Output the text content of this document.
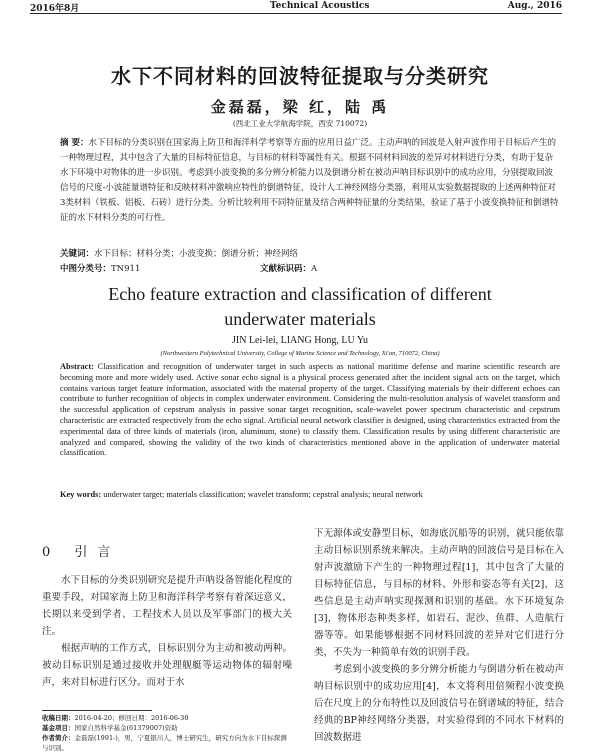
2016年8月	Technical Acoustics	Aug., 2016
水下不同材料的回波特征提取与分类研究
金磊磊，梁 红，陆 禹
(西北工业大学航海学院，西安 710072)
摘 要：水下目标的分类识别在国家海上防卫和海洋科学考察等方面的应用日益广泛。主动声呐的回波是入射声波作用于目标后产生的一种物理过程，其中包含了大量的目标特征信息，与目标的材料等属性有关。根据不同材料回波的差异对材料进行分类，有助于复杂水下环境中对物体的进一步识别。考虑到小波变换的多分辨分析能力以及倒谱分析在被动声呐目标识别中的成功应用，分别提取回波信号的尺度-小波能量谱特征和反映材料冲激响应特性的倒谱特征，设计人工神经网络分类器，利用从实验数据提取的上述两种特征对3类材料（铁板、铝板、石砖）进行分类。分析比较利用不同特征量及结合两种特征量的分类结果，验证了基于小波变换特征和倒谱特征的水下材料分类的可行性。
关键词：水下目标；材料分类；小波变换；倒谱分析；神经网络
中图分类号：TN911	文献标识码：A
Echo feature extraction and classification of different
underwater materials
JIN Lei-lei, LIANG Hong, LU Yu
(Northwestern Polytechnical University, College of Marine Science and Technology, Xi'an, 710072, China)
Abstract: Classification and recognition of underwater target in such aspects as national maritime defense and marine scientific research are becoming more and more widely used. Active sonar echo signal is a physical process generated after the incident signal acts on the target, which contains various target feature information, associated with the material property of the target. Classifying materials by their different echoes can contribute to further recognition of objects in complex underwater environment. Considering the multi-resolution analysis of wavelet transform and the successful application of cepstrum analysis in passive sonar target recognition, scale-wavelet power spectrum characteristic and cepstrum characteristic are extracted respectively from the echo signal. Artificial neural network classifier is designed, using characteristics extracted from the experimental data of three kinds of materials (iron, aluminum, stone) to classify them. Classification results by using different characteristic are analyzed and compared, showing the validity of the two kinds of characteristics mentioned above in the application of underwater material classification.
Key words: underwater target; materials classification; wavelet transform; cepstral analysis; neural network
0 引言

水下目标的分类识别研究是提升声呐设备智能化程度的重要手段，对国家海上防卫和海洋科学考察有着深远意义，长期以来受到学者、工程技术人员以及军事部门的极大关注。

根据声呐的工作方式，目标识别分为主动和被动两种。被动目标识别是通过接收并处理舰艇等运动物体的辐射噪声，来对目标进行区分。而对于水

下无源体或安静型目标，如海底沉船等的识别，就只能依靠主动目标识别系统来解决。主动声呐的回波信号是目标在入射声波激励下产生的一种物理过程[1]，其中包含了大量的目标特征信息，与目标的材料、外形和姿态等有关[2]，这些信息是主动声呐实现探测和识别的基础。水下环境复杂[3]，物体形态种类多样，如岩石、泥沙、鱼群、人造航行器等等。如果能够根据不同材料回波的差异对它们进行分类，不失为一种简单有效的识别手段。

考虑到小波变换的多分辨分析能力与倒谱分析在被动声呐目标识别中的成功应用[4]，本文将利用倍频程小波变换后在尺度上的分布特性以及回波信号在倒谱域的特征，结合经典的BP神经网络分类器，对实验得到的不同水下材料的回波数据进

收稿日期：2016-04-20；修回日期：2016-06-30
基金项目：国家自然科学基金(61379007)资助
作者简介：金磊磊(1991-)，男，宁夏银川人，博士研究生，研究方向为水下目标探测与识别。
